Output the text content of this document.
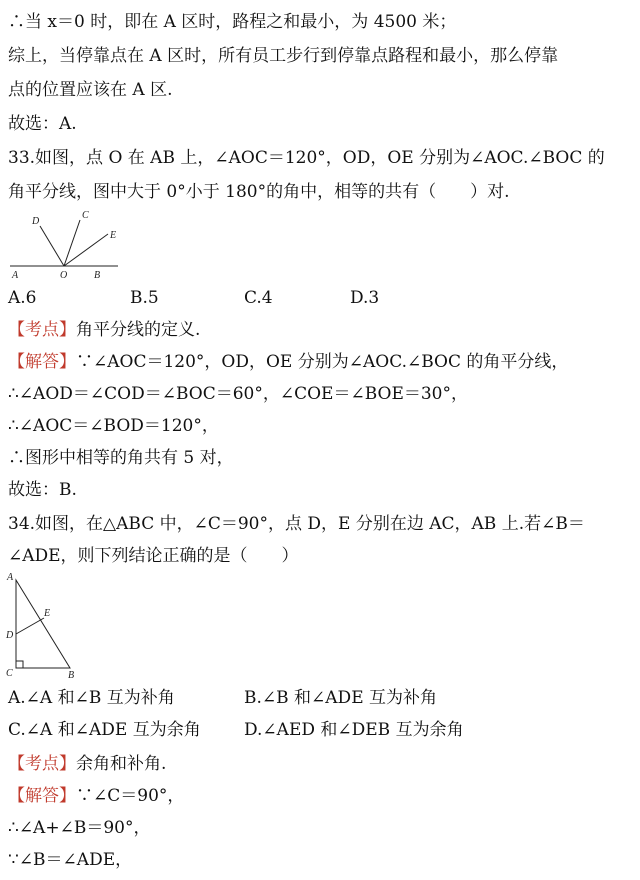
∴当 x＝0 时，即在 A 区时，路程之和最小，为 4500 米；
综上，当停靠点在 A 区时，所有员工步行到停靠点路程和最小，那么停靠
点的位置应该在 A 区.
故选：A.
33.如图，点 O 在 AB 上，∠AOC＝120°，OD，OE 分别为∠AOC.∠BOC 的
角平分线，图中大于 0°小于 180°的角中，相等的共有（　　）对.
D
C
E
A	O	B
A.6	B.5	C.4	D.3
【考点】角平分线的定义.
【解答】∵∠AOC＝120°，OD，OE 分别为∠AOC.∠BOC 的角平分线，
∴∠AOD＝∠COD＝∠BOC＝60°，∠COE＝∠BOE＝30°，
∴∠AOC＝∠BOD＝120°，
∴图形中相等的角共有 5 对，
故选：B.
34.如图，在△ABC 中，∠C＝90°，点 D，E 分别在边 AC，AB 上.若∠B＝
∠ADE，则下列结论正确的是（　　）
A
E
D
C	B
A.∠A 和∠B 互为补角	B.∠B 和∠ADE 互为补角
C.∠A 和∠ADE 互为余角	D.∠AED 和∠DEB 互为余角
【考点】余角和补角.
【解答】∵∠C＝90°，
∴∠A+∠B＝90°，
∵∠B＝∠ADE，
